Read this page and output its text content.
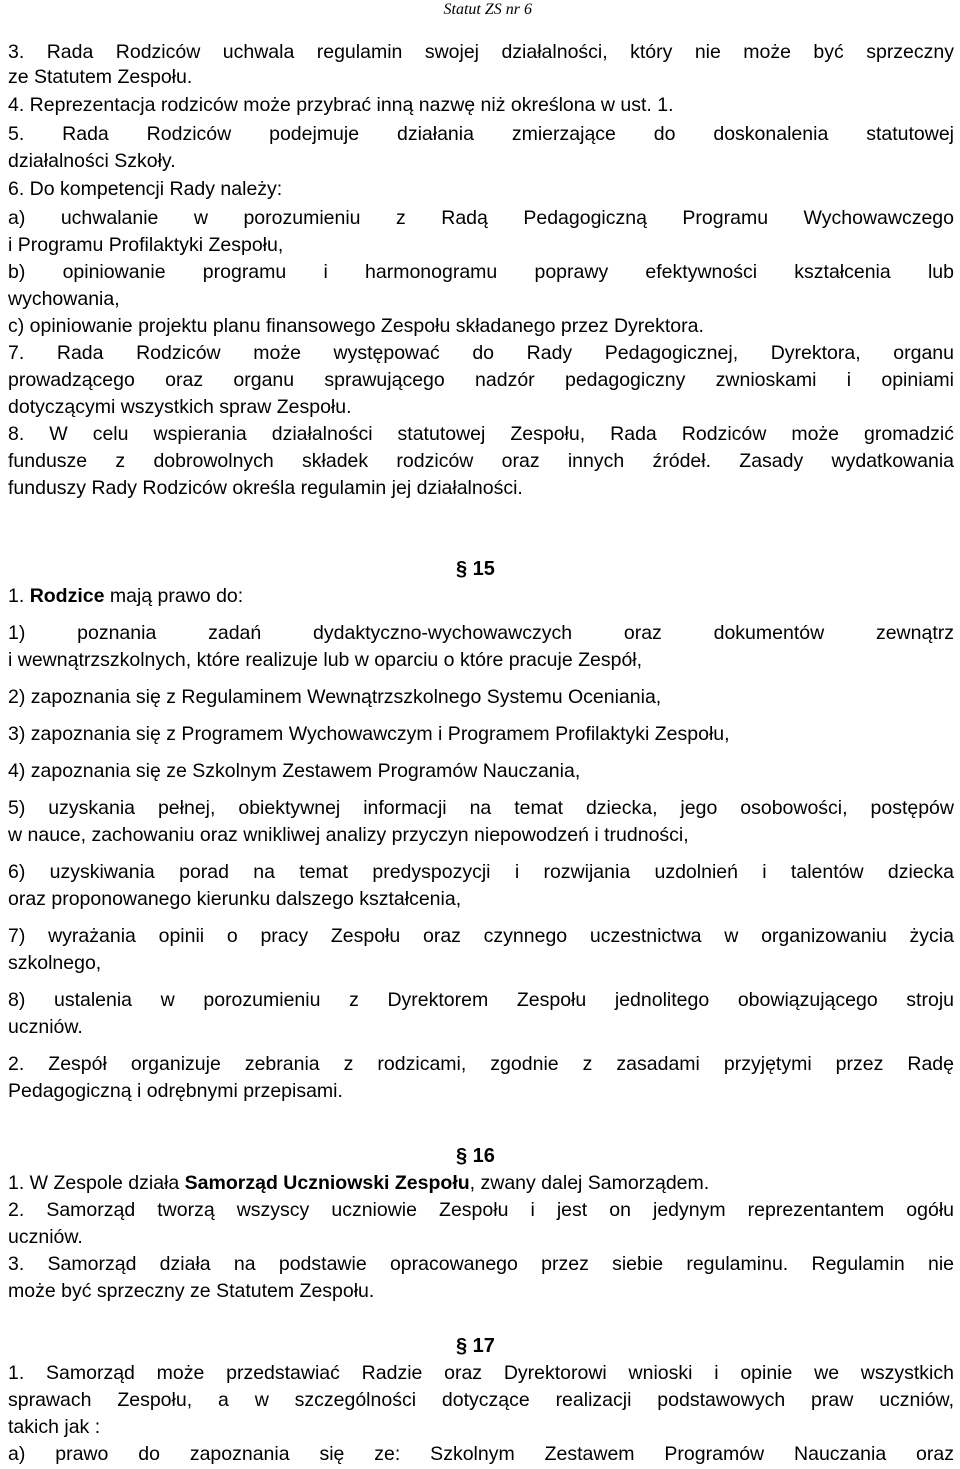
Statut ZS nr 6
3. Rada Rodziców uchwala regulamin swojej działalności, który nie może być sprzeczny
ze Statutem Zespołu.
4. Reprezentacja rodziców może przybrać inną nazwę niż określona w ust. 1.
5. Rada Rodziców podejmuje działania zmierzające do doskonalenia statutowej
działalności Szkoły.
6. Do kompetencji Rady należy:
a) uchwalanie w porozumieniu z Radą Pedagogiczną Programu Wychowawczego
i Programu Profilaktyki Zespołu,
b) opiniowanie programu i harmonogramu poprawy efektywności kształcenia lub
wychowania,
c) opiniowanie projektu planu finansowego Zespołu składanego przez Dyrektora.
7. Rada Rodziców może występować do Rady Pedagogicznej, Dyrektora, organu
prowadzącego oraz organu sprawującego nadzór pedagogiczny zwnioskami i opiniami
dotyczącymi wszystkich spraw Zespołu.
8. W celu wspierania działalności statutowej Zespołu, Rada Rodziców może gromadzić
fundusze z dobrowolnych składek rodziców oraz innych źródeł. Zasady wydatkowania
funduszy Rady Rodziców określa regulamin jej działalności.
§ 15
1. Rodzice mają prawo do:
1) poznania zadań dydaktyczno-wychowawczych oraz dokumentów zewnątrz
i wewnątrzszkolnych, które realizuje lub w oparciu o które pracuje Zespół,
2) zapoznania się z Regulaminem Wewnątrzszkolnego Systemu Oceniania,
3) zapoznania się z Programem Wychowawczym i Programem Profilaktyki Zespołu,
4) zapoznania się ze Szkolnym Zestawem Programów Nauczania,
5) uzyskania pełnej, obiektywnej informacji na temat dziecka, jego osobowości, postępów
w nauce, zachowaniu oraz wnikliwej analizy przyczyn niepowodzeń i trudności,
6) uzyskiwania porad na temat predyspozycji i rozwijania uzdolnień i talentów dziecka
oraz proponowanego kierunku dalszego kształcenia,
7) wyrażania opinii o pracy Zespołu oraz czynnego uczestnictwa w organizowaniu życia
szkolnego,
8) ustalenia w porozumieniu z Dyrektorem Zespołu jednolitego obowiązującego stroju
uczniów.
2. Zespół organizuje zebrania z rodzicami, zgodnie z zasadami przyjętymi przez Radę
Pedagogiczną i odrębnymi przepisami.
§ 16
1. W Zespole działa Samorząd Uczniowski Zespołu, zwany dalej Samorządem.
2. Samorząd tworzą wszyscy uczniowie Zespołu i jest on jedynym reprezentantem ogółu
uczniów.
3. Samorząd działa na podstawie opracowanego przez siebie regulaminu. Regulamin nie
może być sprzeczny ze Statutem Zespołu.
§ 17
1. Samorząd może przedstawiać Radzie oraz Dyrektorowi wnioski i opinie we wszystkich
sprawach Zespołu, a w szczególności dotyczące realizacji podstawowych praw uczniów,
takich jak :
a) prawo do zapoznania się ze: Szkolnym Zestawem Programów Nauczania oraz
